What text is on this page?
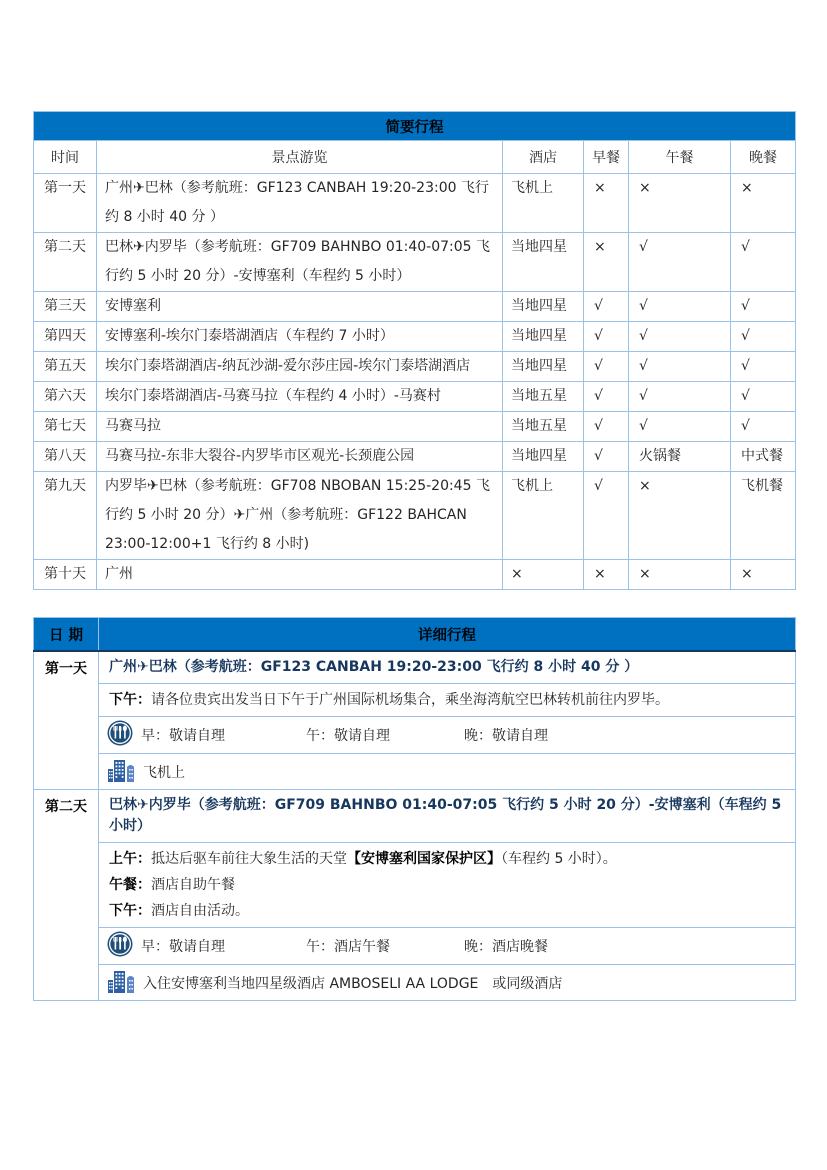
简要行程					
时间	景点游览	酒店	早餐	午餐	晚餐
第一天	广州✈巴林（参考航班：GF123 CANBAH 19:20-23:00 飞行约 8 小时 40 分 ）	飞机上	×	×	×
第二天	巴林✈内罗毕（参考航班：GF709 BAHNBO 01:40-07:05 飞行约 5 小时 20 分）-安博塞利（车程约 5 小时）	当地四星	×	√	√
第三天	安博塞利	当地四星	√	√	√
第四天	安博塞利-埃尔门泰塔湖酒店（车程约 7 小时）	当地四星	√	√	√
第五天	埃尔门泰塔湖酒店-纳瓦沙湖-爱尔莎庄园-埃尔门泰塔湖酒店	当地四星	√	√	√
第六天	埃尔门泰塔湖酒店-马赛马拉（车程约 4 小时）-马赛村	当地五星	√	√	√
第七天	马赛马拉	当地五星	√	√	√
第八天	马赛马拉-东非大裂谷-内罗毕市区观光-长颈鹿公园	当地四星	√	火锅餐	中式餐
第九天	内罗毕✈巴林（参考航班：GF708 NBOBAN 15:25-20:45 飞行约 5 小时 20 分）✈广州（参考航班：GF122 BAHCAN 23:00-12:00+1 飞行约 8 小时)	飞机上	√	×	飞机餐
第十天	广州	×	×	×	×
日 期	详细行程
第一天	广州✈巴林（参考航班：GF123 CANBAH 19:20-23:00 飞行约 8 小时 40 分 ）

	下午：请各位贵宾出发当日下午于广州国际机场集合，乘坐海湾航空巴林转机前往内罗毕。

	早：敬请自理 午：敬请自理 晚：敬请自理

	飞机上

第二天	巴林✈内罗毕（参考航班：GF709 BAHNBO 01:40-07:05 飞行约 5 小时 20 分）-安博塞利（车程约 5 小时）

	上午：抵达后驱车前往大象生活的天堂【安博塞利国家保护区】（车程约 5 小时）。
午餐：酒店自助午餐
下午：酒店自由活动。

	早：敬请自理 午：酒店午餐 晚：酒店晚餐

	入住安博塞利当地四星级酒店 AMBOSELI AA LODGE　或同级酒店
